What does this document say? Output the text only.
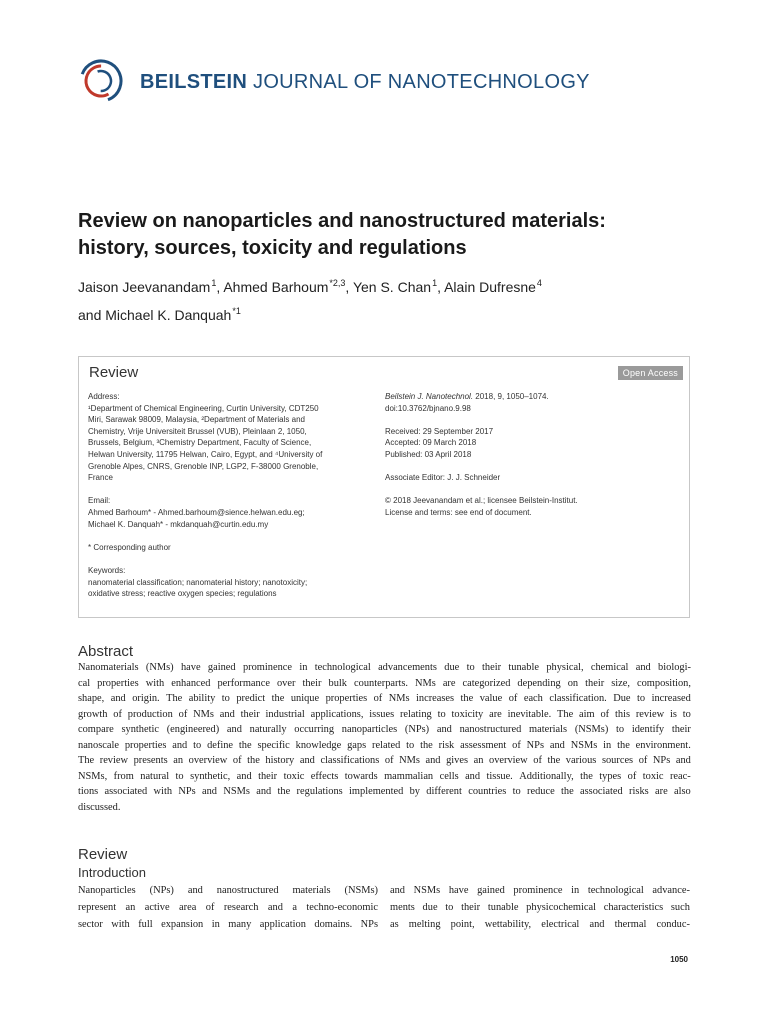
BEILSTEIN JOURNAL OF NANOTECHNOLOGY
Review on nanoparticles and nanostructured materials:
history, sources, toxicity and regulations
Jaison Jeevanandam$^1$, Ahmed Barhoum$^{*2,3}$, Yen S. Chan$^1$, Alain Dufresne$^4$
and Michael K. Danquah$^{*1}$
Review	Open Access

Address:

¹Department of Chemical Engineering, Curtin University, CDT250

Miri, Sarawak 98009, Malaysia, ²Department of Materials and

Chemistry, Vrije Universiteit Brussel (VUB), Pleinlaan 2, 1050,

Brussels, Belgium, ³Chemistry Department, Faculty of Science,

Helwan University, 11795 Helwan, Cairo, Egypt, and ⁴University of

Grenoble Alpes, CNRS, Grenoble INP, LGP2, F-38000 Grenoble,

France

Email:

Ahmed Barhoum* - Ahmed.barhoum@sience.helwan.edu.eg;

Michael K. Danquah* - mkdanquah@curtin.edu.my

* Corresponding author

Keywords:

nanomaterial classification; nanomaterial history; nanotoxicity;

oxidative stress; reactive oxygen species; regulations

Beilstein J. Nanotechnol. 2018, 9, 1050–1074.

doi:10.3762/bjnano.9.98

Received: 29 September 2017

Accepted: 09 March 2018

Published: 03 April 2018

Associate Editor: J. J. Schneider

© 2018 Jeevanandam et al.; licensee Beilstein-Institut.

License and terms: see end of document.

Abstract
Nanomaterials (NMs) have gained prominence in technological advancements due to their tunable physical, chemical and biologi-
cal properties with enhanced performance over their bulk counterparts. NMs are categorized depending on their size, composition,
shape, and origin. The ability to predict the unique properties of NMs increases the value of each classification. Due to increased
growth of production of NMs and their industrial applications, issues relating to toxicity are inevitable. The aim of this review is to
compare synthetic (engineered) and naturally occurring nanoparticles (NPs) and nanostructured materials (NSMs) to identify their
nanoscale properties and to define the specific knowledge gaps related to the risk assessment of NPs and NSMs in the environment.
The review presents an overview of the history and classifications of NMs and gives an overview of the various sources of NPs and
NSMs, from natural to synthetic, and their toxic effects towards mammalian cells and tissue. Additionally, the types of toxic reac-
tions associated with NPs and NSMs and the regulations implemented by different countries to reduce the associated risks are also
discussed.
Review
Introduction
Nanoparticles (NPs) and nanostructured materials (NSMs)
represent an active area of research and a techno-economic
sector with full expansion in many application domains. NPs
and NSMs have gained prominence in technological advance-
ments due to their tunable physicochemical characteristics such
as melting point, wettability, electrical and thermal conduc-
1050
